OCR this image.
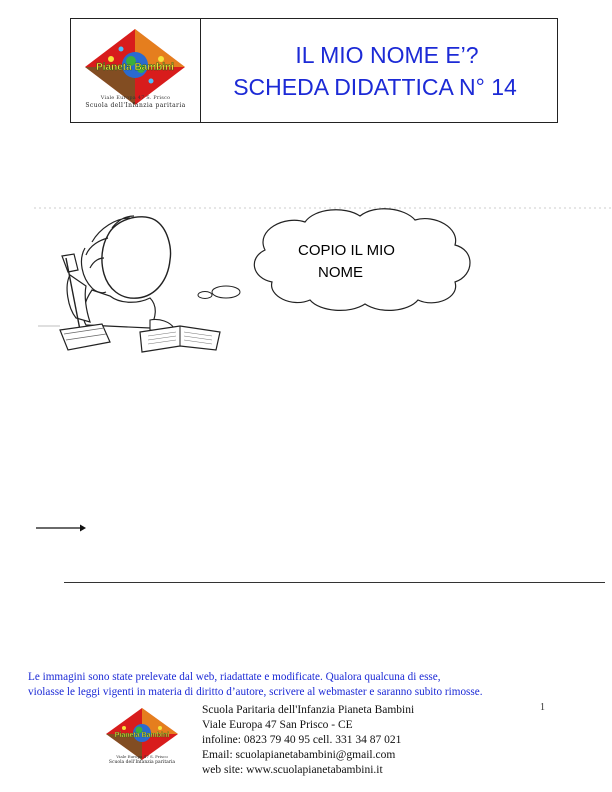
Pianeta Bambini
Viale Europa 47 S. Prisco
Scuola dell'Infanzia paritaria
IL MIO NOME E’?
SCHEDA DIDATTICA N° 14
COPIO IL MIO
NOME
Le immagini sono state prelevate dal web, riadattate e modificate. Qualora qualcuna di esse,
violasse le leggi vigenti in materia di diritto d’autore, scrivere al webmaster e saranno subito rimosse.
Pianeta Bambini
Viale Europa 47 S. Prisco
Scuola dell'Infanzia paritaria
Scuola Paritaria dell'Infanzia Pianeta Bambini
Viale Europa 47 San Prisco - CE
infoline: 0823 79 40 95 cell. 331 34 87 021
Email: scuolapianetabambini@gmail.com
web site: www.scuolapianetabambini.it
1
